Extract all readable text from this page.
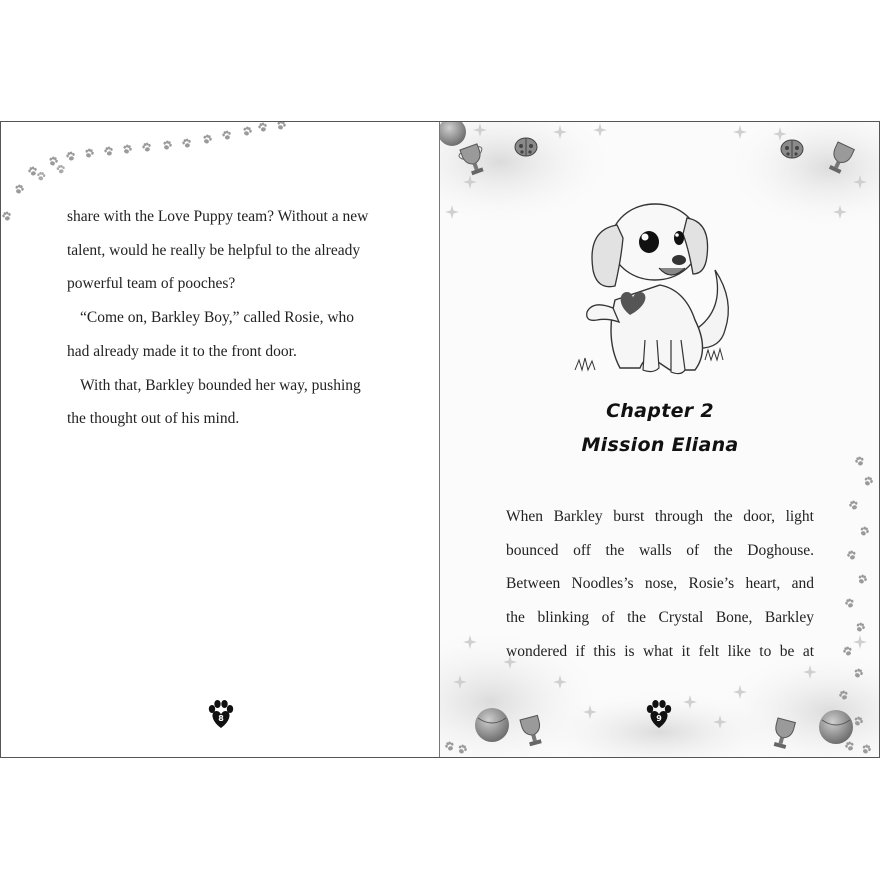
share with the Love Puppy team? Without a new talent, would he really be helpful to the already powerful team of pooches?

“Come on, Barkley Boy,” called Rosie, who had already made it to the front door.

With that, Barkley bounded her way, pushing the thought out of his mind.

8
Chapter 2
Mission Eliana

When Barkley burst through the door, light

bounced off the walls of the Doghouse.

Between Noodles’s nose, Rosie’s heart, and

the blinking of the Crystal Bone, Barkley

wondered if this is what it felt like to be at

9
